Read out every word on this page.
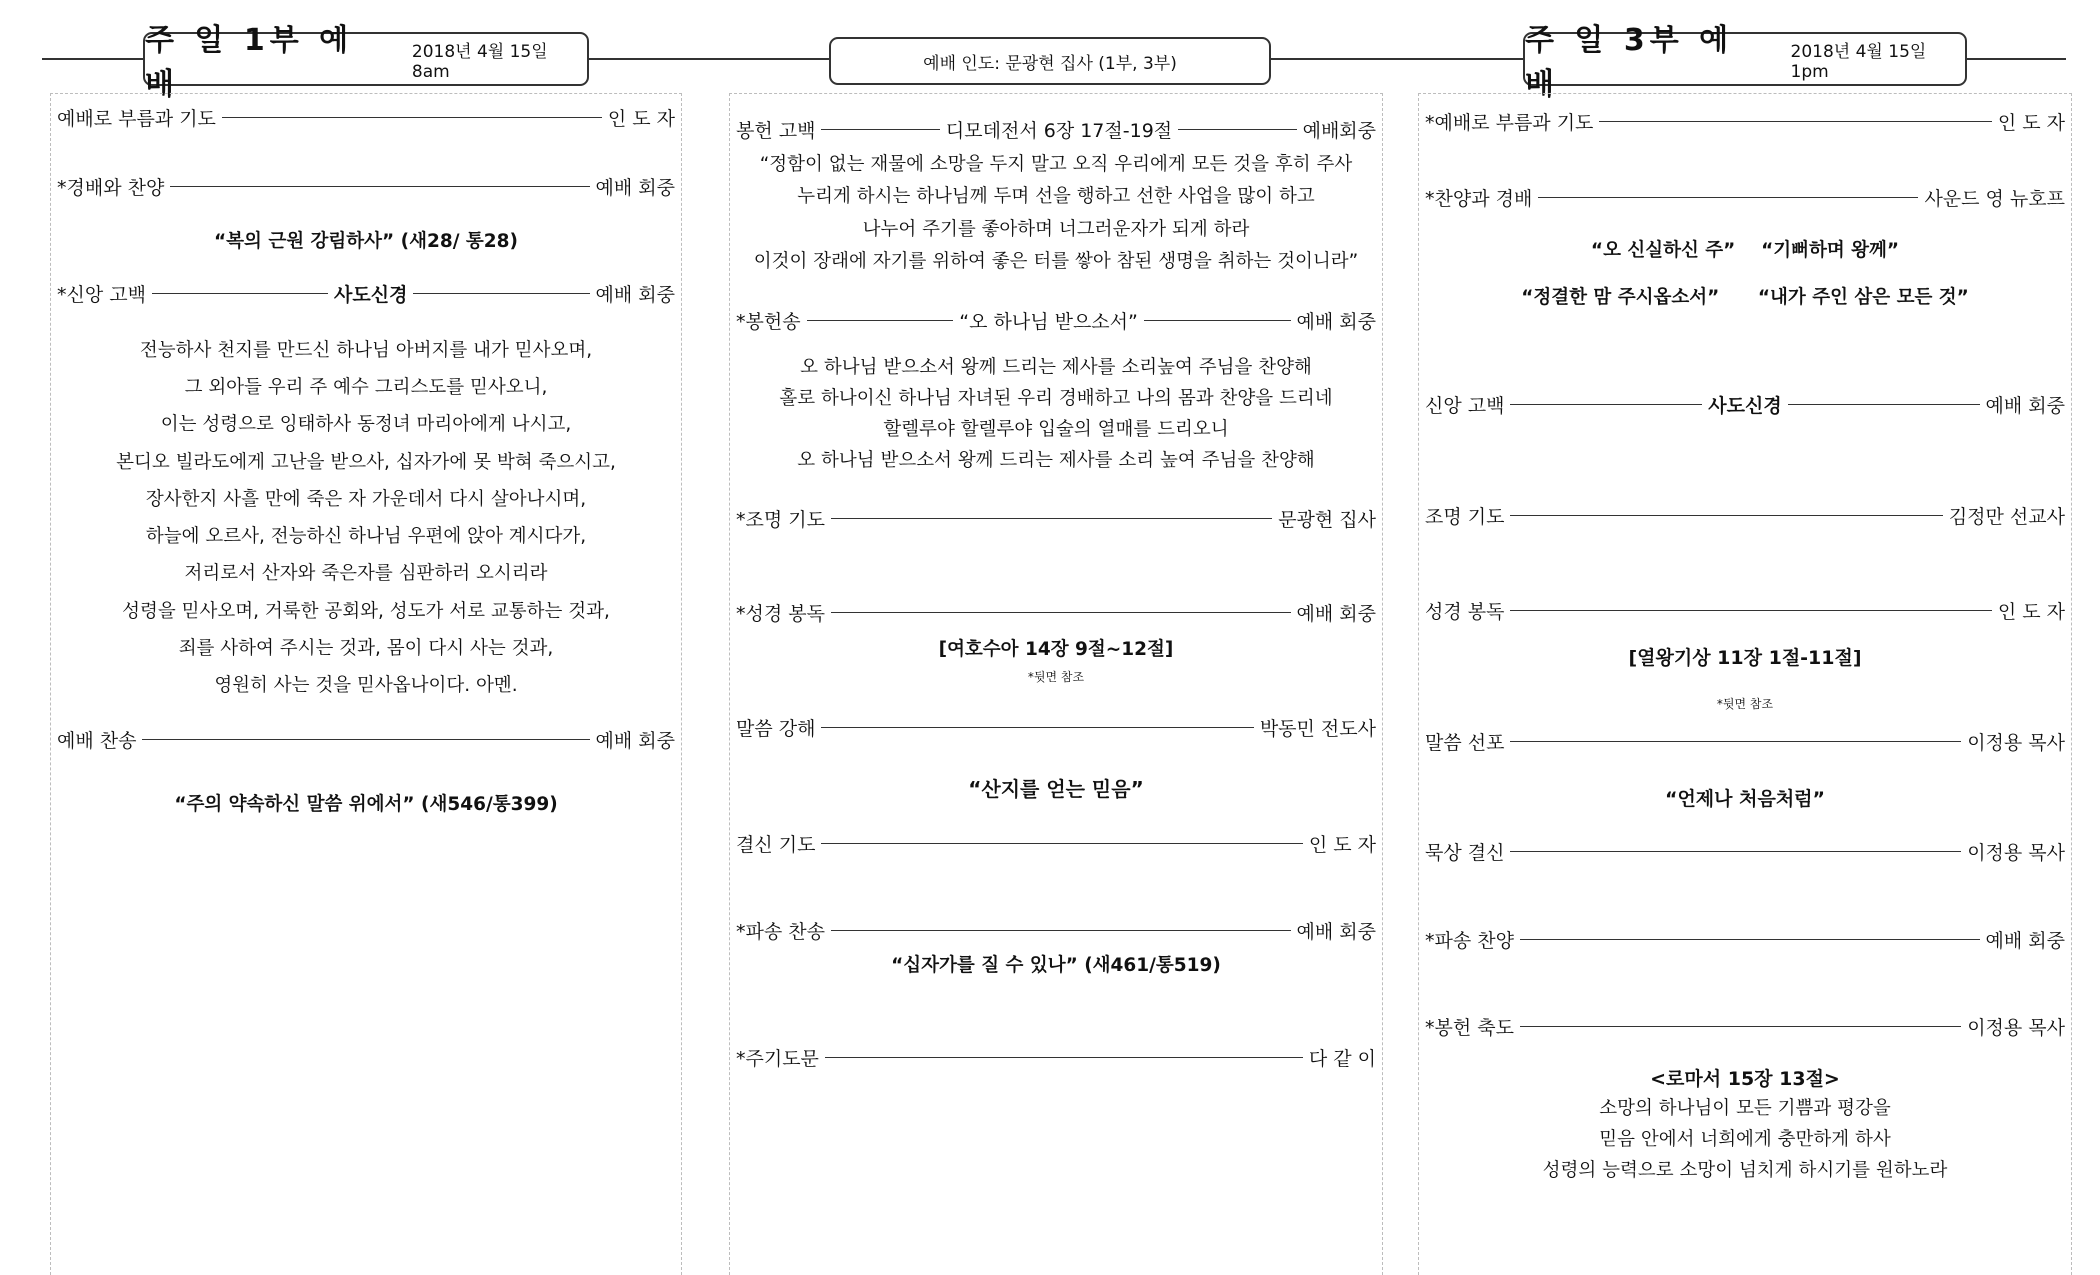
주 일 1부 예배
2018년 4월 15일 8am	예배 인도: 문광현 집사 (1부, 3부)
주 일 3부 예배
2018년 4월 15일 1pm
예배로 부름과 기도	인 도 자
*경배와 찬양	예배 회중
“복의 근원 강림하사” (새28/ 통28)
*신앙 고백	사도신경	예배 회중
전능하사 천지를 만드신 하나님 아버지를 내가 믿사오며,
그 외아들 우리 주 예수 그리스도를 믿사오니,
이는 성령으로 잉태하사 동정녀 마리아에게 나시고,
본디오 빌라도에게 고난을 받으사, 십자가에 못 박혀 죽으시고,
장사한지 사흘 만에 죽은 자 가운데서 다시 살아나시며,
하늘에 오르사, 전능하신 하나님 우편에 앉아 계시다가,
저리로서 산자와 죽은자를 심판하러 오시리라
성령을 믿사오며, 거룩한 공회와, 성도가 서로 교통하는 것과,
죄를 사하여 주시는 것과, 몸이 다시 사는 것과,
영원히 사는 것을 믿사옵나이다. 아멘.
예배 찬송	예배 회중
“주의 약속하신 말씀 위에서” (새546/통399)
봉헌 고백	디모데전서 6장 17절-19절	예배회중
“정함이 없는 재물에 소망을 두지 말고 오직 우리에게 모든 것을 후히 주사
누리게 하시는 하나님께 두며 선을 행하고 선한 사업을 많이 하고
나누어 주기를 좋아하며 너그러운자가 되게 하라
이것이 장래에 자기를 위하여 좋은 터를 쌓아 참된 생명을 취하는 것이니라”
*봉헌송	“오 하나님 받으소서”	예배 회중
오 하나님 받으소서 왕께 드리는 제사를 소리높여 주님을 찬양해
홀로 하나이신 하나님 자녀된 우리 경배하고 나의 몸과 찬양을 드리네
할렐루야 할렐루야 입술의 열매를 드리오니
오 하나님 받으소서 왕께 드리는 제사를 소리 높여 주님을 찬양해
*조명 기도	문광현 집사
*성경 봉독	예배 회중
[여호수아 14장 9절~12절]
*뒷면 참조
말씀 강해	박동민 전도사
“산지를 얻는 믿음”
결신 기도	인 도 자
*파송 찬송	예배 회중
“십자가를 질 수 있나” (새461/통519)
*주기도문	다 같 이
*예배로 부름과 기도	인 도 자
*찬양과 경배	사운드 영 뉴호프
“오 신실하신 주”    “기뻐하며 왕께”
“정결한 맘 주시옵소서”      “내가 주인 삼은 모든 것”
신앙 고백	사도신경	예배 회중
조명 기도	김정만 선교사
성경 봉독	인 도 자
[열왕기상 11장 1절-11절]
*뒷면 참조
말씀 선포	이정용 목사
“언제나 처음처럼”
묵상 결신	이정용 목사
*파송 찬양	예배 회중
*봉헌 축도	이정용 목사
<로마서 15장 13절>
소망의 하나님이 모든 기쁨과 평강을
믿음 안에서 너희에게 충만하게 하사
성령의 능력으로 소망이 넘치게 하시기를 원하노라
